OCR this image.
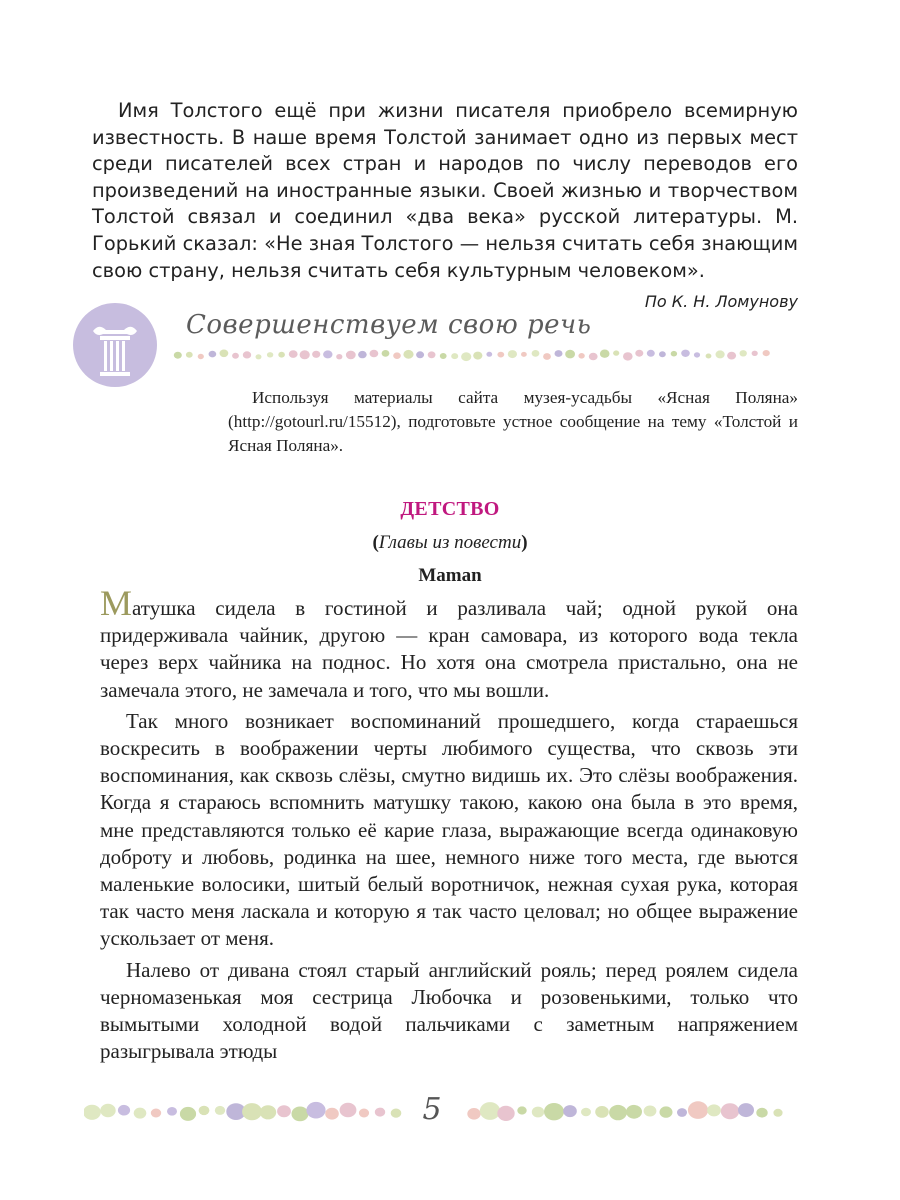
Имя Толстого ещё при жизни писателя приобрело всемирную известность. В наше время Толстой занимает одно из первых мест среди писателей всех стран и народов по числу переводов его произведений на иностранные языки. Своей жизнью и творчеством Толстой связал и соединил «два века» русской литературы. М. Горький сказал: «Не зная Толстого — нельзя считать себя знающим свою страну, нельзя считать себя культурным человеком».

По К. Н. Ломунову

Совершенствуем свою речь

Используя материалы сайта музея-усадьбы «Ясная Поляна» (http://gotourl.ru/15512), подготовьте устное сообщение на тему «Толстой и Ясная Поляна».

ДЕТСТВО
(Главы из повести)
Maman

Матушка сидела в гостиной и разливала чай; одной рукой она придерживала чайник, другою — кран самовара, из которого вода текла через верх чайника на поднос. Но хотя она смотрела пристально, она не замечала этого, не замечала и того, что мы вошли.

Так много возникает воспоминаний прошедшего, когда стараешься воскресить в воображении черты любимого существа, что сквозь эти воспоминания, как сквозь слёзы, смутно видишь их. Это слёзы воображения. Когда я стараюсь вспомнить матушку такою, какою она была в это время, мне представляются только её карие глаза, выражающие всегда одинаковую доброту и любовь, родинка на шее, немного ниже того места, где вьются маленькие волосики, шитый белый воротничок, нежная сухая рука, которая так часто меня ласкала и которую я так часто целовал; но общее выражение ускользает от меня.

Налево от дивана стоял старый английский рояль; перед роялем сидела черномазенькая моя сестрица Любочка и розовенькими, только что вымытыми холодной водой пальчиками с заметным напряжением разыгрывала этюды

5
